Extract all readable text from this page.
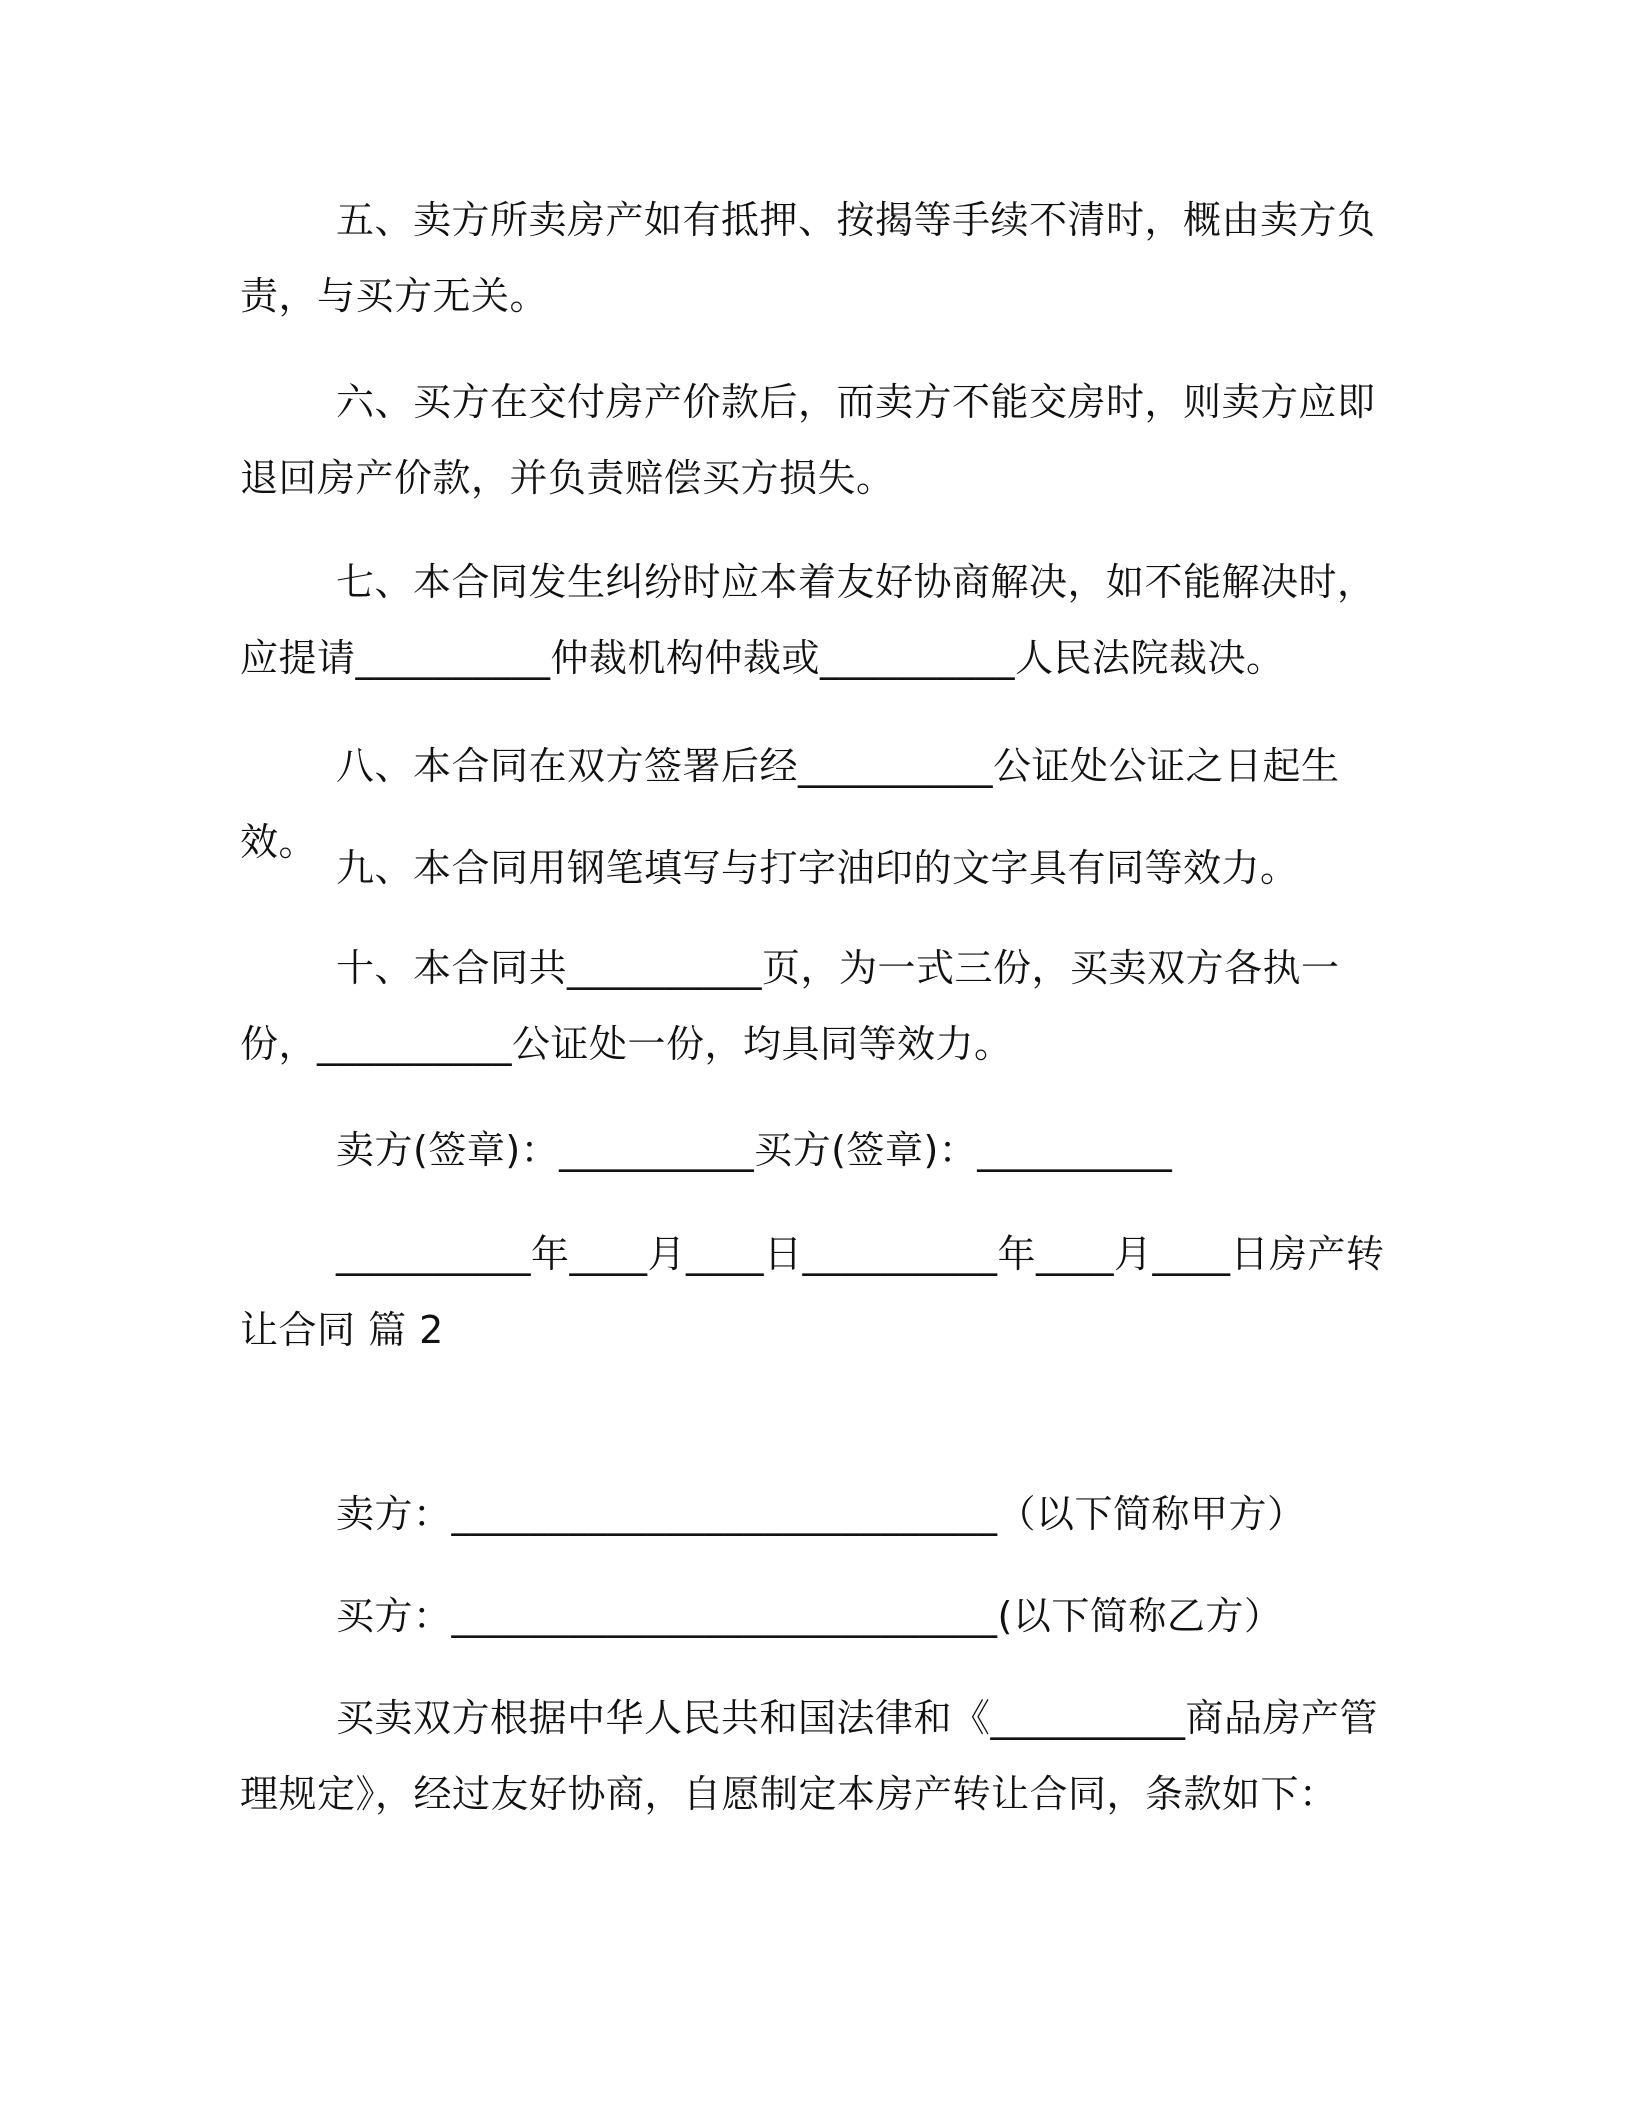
五、卖方所卖房产如有抵押、按揭等手续不清时，概由卖方负责，与买方无关。
六、买方在交付房产价款后，而卖方不能交房时，则卖方应即退回房产价款，并负责赔偿买方损失。
七、本合同发生纠纷时应本着友好协商解决，如不能解决时，应提请__________仲裁机构仲裁或__________人民法院裁决。
八、本合同在双方签署后经__________公证处公证之日起生效。
九、本合同用钢笔填写与打字油印的文字具有同等效力。
十、本合同共__________页，为一式三份，买卖双方各执一份，__________公证处一份，均具同等效力。
卖方(签章)：__________买方(签章)：__________
__________年____月____日__________年____月____日房产转让合同 篇 2
卖方：____________________________（以下简称甲方）
买方：____________________________(以下简称乙方）
买卖双方根据中华人民共和国法律和《__________商品房产管理规定》，经过友好协商，自愿制定本房产转让合同，条款如下：
